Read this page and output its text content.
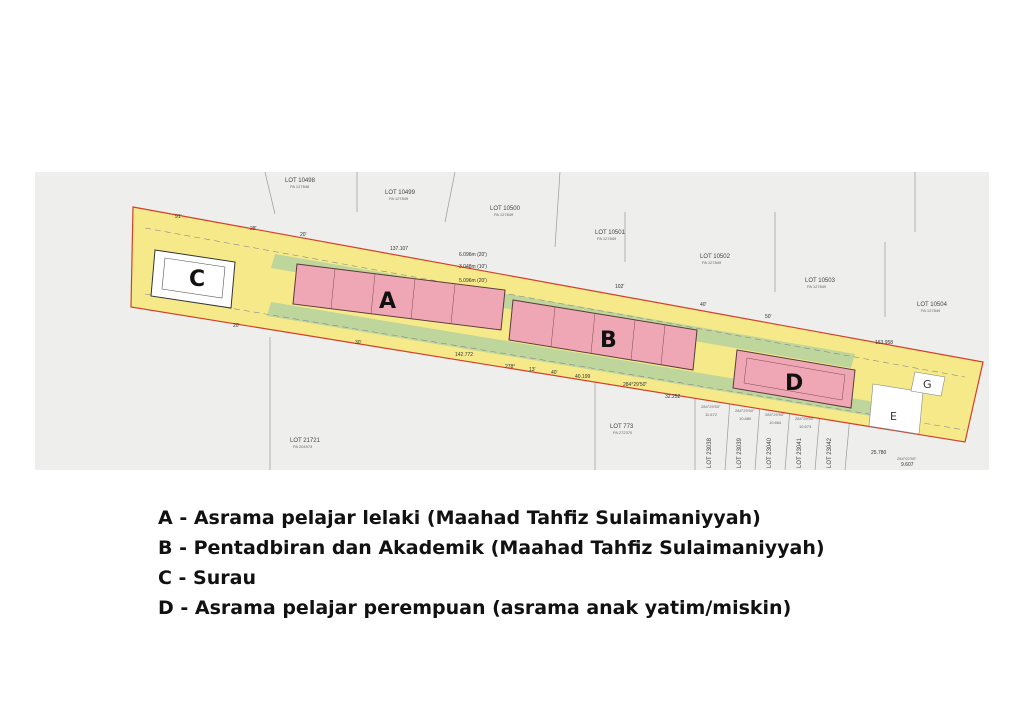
LOT 10498
PA 127848
LOT 10499
PA 127849
LOT 10500
PA 127849
LOT 10501
PA 127849
LOT 10502
PA 127849
LOT 10503
PA 127849
LOT 10504
PA 127849
LOT 21721
PA 204973
LOT 773
PA 272370
LOT 23038	LOT 23039	LOT 23040	LOT 23041	LOT 23042
91'
28'
20'
137.107
6.096m (20')
3.048m (10')
5.096m (20')
102'
40'
50'
163.958
20'
30'
142.772
278°	13'	40'
40.199
284°29'50"
32.252
25.780
9.607
284°29'50"
11.672
284°29'50"
10.880
284°29'50"
10.664
284°29'50"
10.673
284°02'50"
C
A
B
D
E
G
A - Asrama pelajar lelaki (Maahad Tahfiz Sulaimaniyyah)
B - Pentadbiran dan Akademik (Maahad Tahfiz Sulaimaniyyah)
C - Surau
D - Asrama pelajar perempuan (asrama anak yatim/miskin)
